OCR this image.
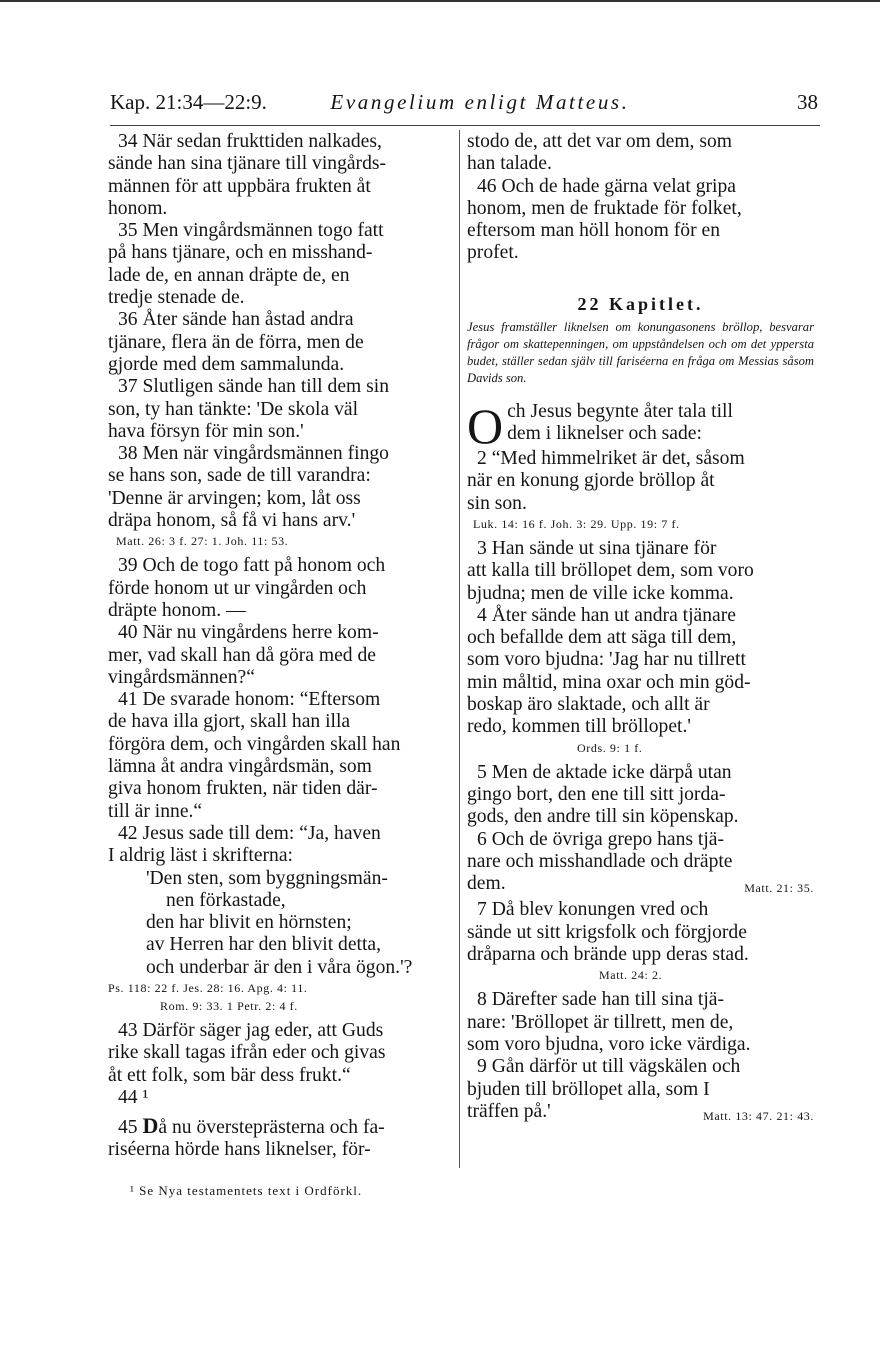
Kap. 21:34—22:9.	Evangelium enligt Matteus.	38

34 När sedan frukttiden nalkades,

sände han sina tjänare till vingårds-

männen för att uppbära frukten åt

honom.

35 Men vingårdsmännen togo fatt

på hans tjänare, och en misshand-

lade de, en annan dräpte de, en

tredje stenade de.

36 Åter sände han åstad andra

tjänare, flera än de förra, men de

gjorde med dem sammalunda.

37 Slutligen sände han till dem sin

son, ty han tänkte: 'De skola väl

hava försyn för min son.'

38 Men när vingårdsmännen fingo

se hans son, sade de till varandra:

'Denne är arvingen; kom, låt oss

dräpa honom, så få vi hans arv.'

Matt. 26: 3 f. 27: 1. Joh. 11: 53.

39 Och de togo fatt på honom och

förde honom ut ur vingården och

dräpte honom. —

40 När nu vingårdens herre kom-

mer, vad skall han då göra med de

vingårdsmännen?“

41 De svarade honom: “Eftersom

de hava illa gjort, skall han illa

förgöra dem, och vingården skall han

lämna åt andra vingårdsmän, som

giva honom frukten, när tiden där-

till är inne.“

42 Jesus sade till dem: “Ja, haven

I aldrig läst i skrifterna:

'Den sten, som byggningsmän-

nen förkastade,

den har blivit en hörnsten;

av Herren har den blivit detta,

och underbar är den i våra ögon.'?

Ps. 118: 22 f. Jes. 28: 16. Apg. 4: 11.

Rom. 9: 33. 1 Petr. 2: 4 f.

43 Därför säger jag eder, att Guds

rike skall tagas ifrån eder och givas

åt ett folk, som bär dess frukt.“

44 ¹

45 Då nu översteprästerna och fa-

riséerna hörde hans liknelser, för-

stodo de, att det var om dem, som

han talade.

46 Och de hade gärna velat gripa

honom, men de fruktade för folket,

eftersom man höll honom för en

profet.

22 Kapitlet.

Jesus framställer liknelsen om konungasonens bröllop, besvarar frågor om skattepenningen, om uppståndelsen och om det yppersta budet, ställer sedan själv till fariséerna en fråga om Messias såsom Davids son.

O ch Jesus begynte åter tala till

dem i liknelser och sade:

2 “Med himmelriket är det, såsom

när en konung gjorde bröllop åt

sin son.

Luk. 14: 16 f. Joh. 3: 29. Upp. 19: 7 f.

3 Han sände ut sina tjänare för

att kalla till bröllopet dem, som voro

bjudna; men de ville icke komma.

4 Åter sände han ut andra tjänare

och befallde dem att säga till dem,

som voro bjudna: 'Jag har nu tillrett

min måltid, mina oxar och min göd-

boskap äro slaktade, och allt är

redo, kommen till bröllopet.'

Ords. 9: 1 f.

5 Men de aktade icke därpå utan

gingo bort, den ene till sitt jorda-

gods, den andre till sin köpenskap.

6 Och de övriga grepo hans tjä-

nare och misshandlade och dräpte

dem.	Matt. 21: 35.

7 Då blev konungen vred och

sände ut sitt krigsfolk och förgjorde

dråparna och brände upp deras stad.

Matt. 24: 2.

8 Därefter sade han till sina tjä-

nare: 'Bröllopet är tillrett, men de,

som voro bjudna, voro icke värdiga.

9 Gån därför ut till vägskälen och

bjuden till bröllopet alla, som I

träffen på.'	Matt. 13: 47. 21: 43.

¹ Se Nya testamentets text i Ordförkl.
